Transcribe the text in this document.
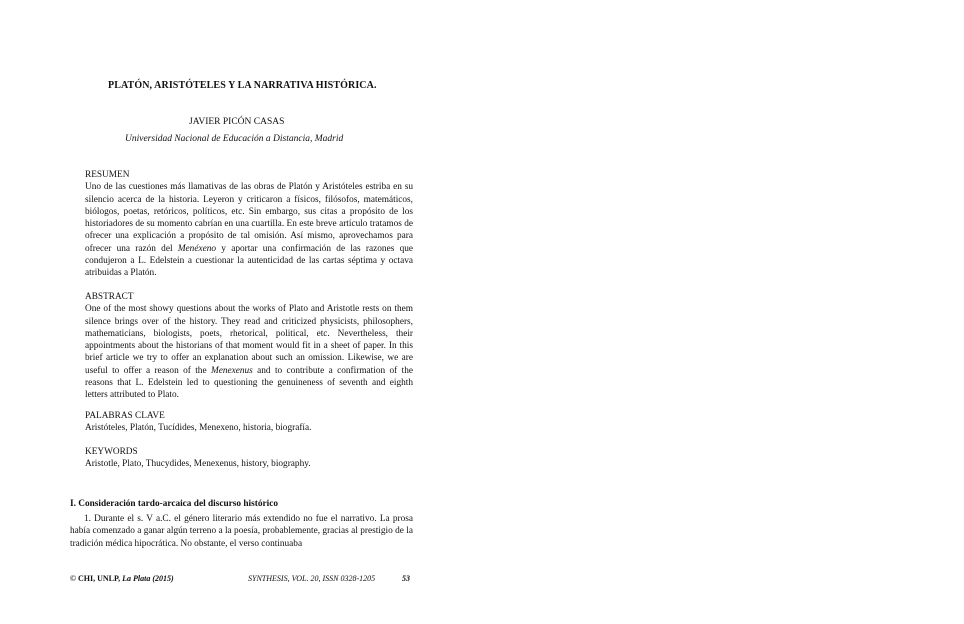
PLATÓN, ARISTÓTELES Y LA NARRATIVA HISTÓRICA.
JAVIER PICÓN CASAS
Universidad Nacional de Educación a Distancia, Madrid
RESUMEN
Uno de las cuestiones más llamativas de las obras de Platón y Aristóteles estriba en su silencio acerca de la historia. Leyeron y criticaron a físicos, filósofos, matemáticos, biólogos, poetas, retóricos, políticos, etc. Sin embargo, sus citas a propósito de los historiadores de su momento cabrían en una cuartilla. En este breve artículo tratamos de ofrecer una explicación a propósito de tal omisión. Así mismo, aprovechamos para ofrecer una razón del Menéxeno y aportar una confirmación de las razones que condujeron a L. Edelstein a cuestionar la autenticidad de las cartas séptima y octava atribuidas a Platón.
ABSTRACT
One of the most showy questions about the works of Plato and Aristotle rests on them silence brings over of the history. They read and criticized physicists, philosophers, mathematicians, biologists, poets, rhetorical, political, etc. Nevertheless, their appointments about the historians of that moment would fit in a sheet of paper. In this brief article we try to offer an explanation about such an omission. Likewise, we are useful to offer a reason of the Menexenus and to contribute a confirmation of the reasons that L. Edelstein led to questioning the genuineness of seventh and eighth letters attributed to Plato.
PALABRAS CLAVE
Aristóteles, Platón, Tucídides, Menexeno, historia, biografía.
KEYWORDS
Aristotle, Plato, Thucydides, Menexenus, history, biography.
I. Consideración tardo-arcaica del discurso histórico
1. Durante el s. V a.C. el género literario más extendido no fue el narrativo. La prosa había comenzado a ganar algún terreno a la poesía, probablemente, gracias al prestigio de la tradición médica hipocrática. No obstante, el verso continuaba
© CHI, UNLP, La Plata (2015)	SYNTHESIS, VOL. 20, ISSN 0328-1205	53
